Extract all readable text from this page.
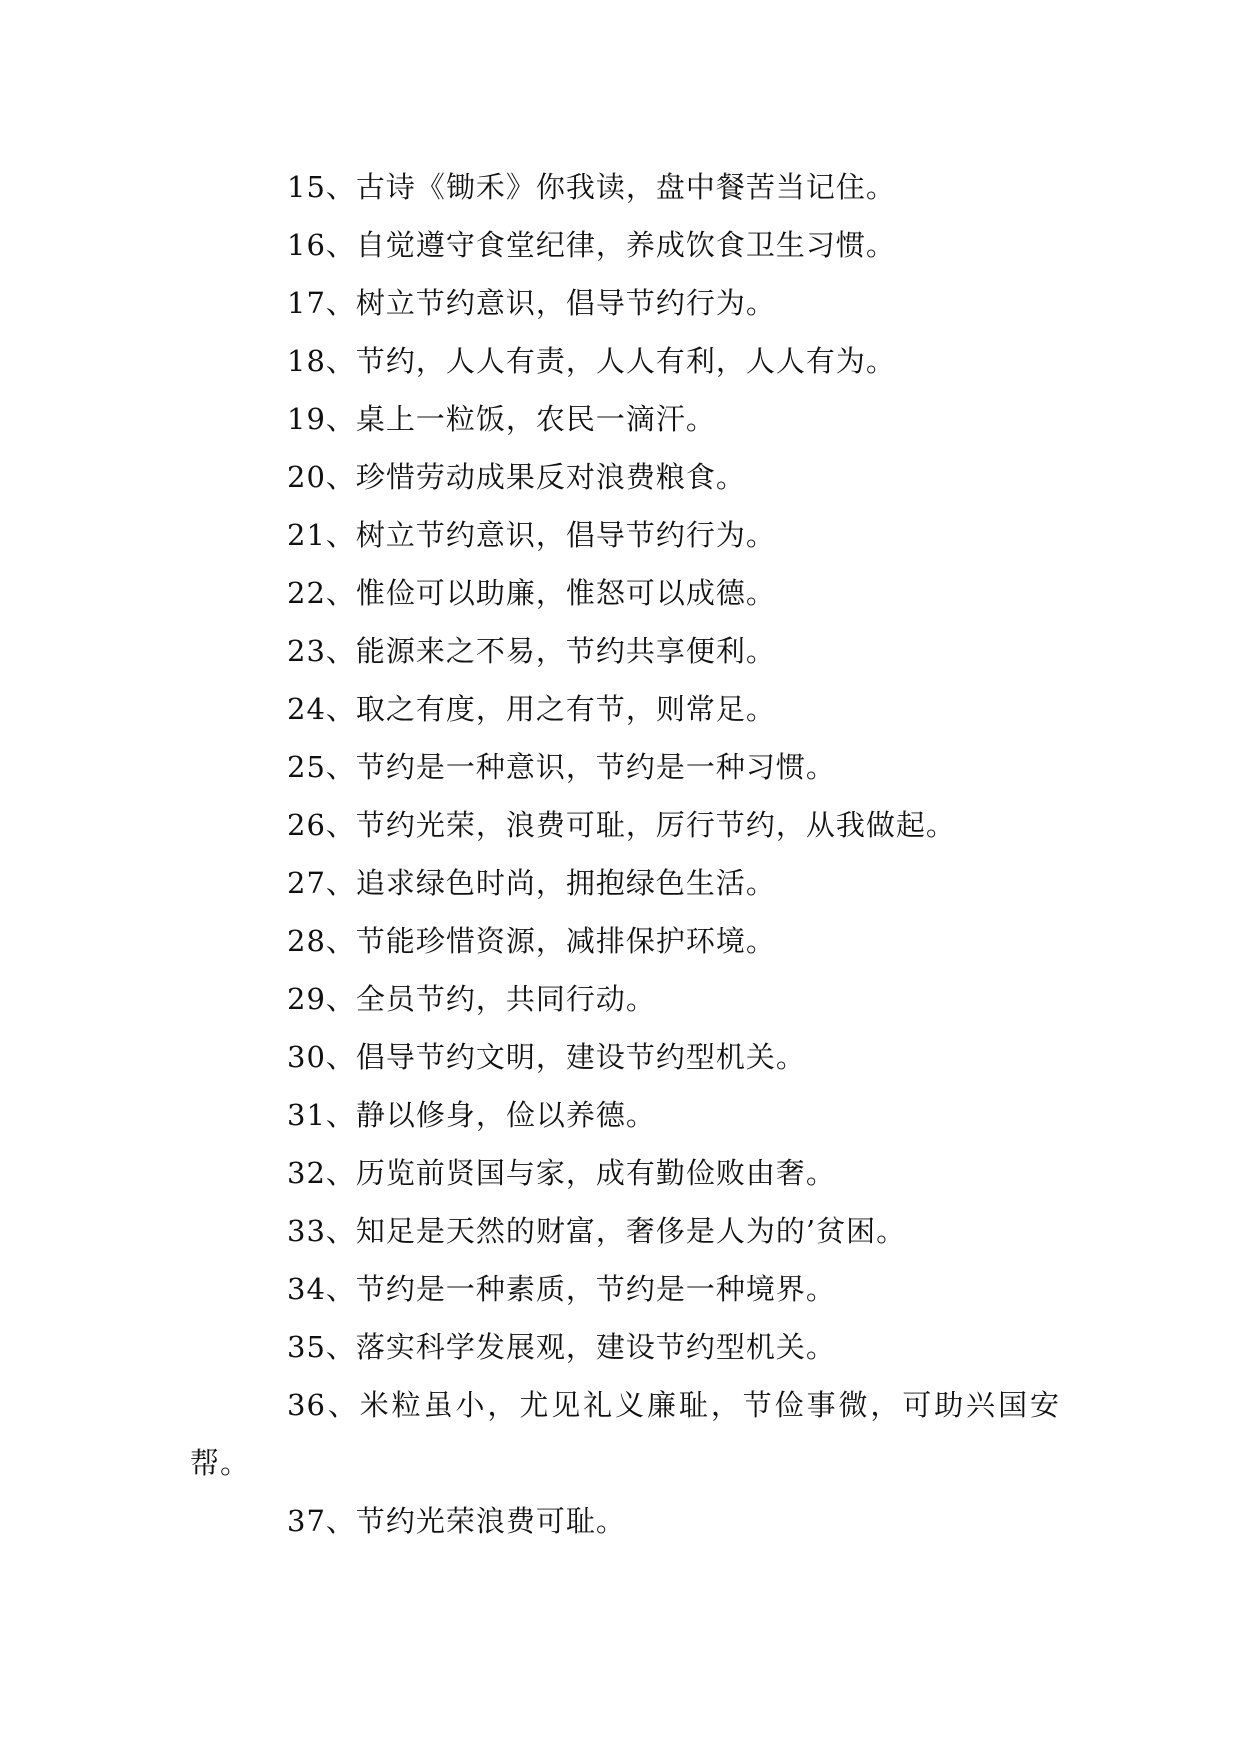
15、古诗《锄禾》你我读，盘中餐苦当记住。
16、自觉遵守食堂纪律，养成饮食卫生习惯。
17、树立节约意识，倡导节约行为。
18、节约，人人有责，人人有利，人人有为。
19、桌上一粒饭，农民一滴汗。
20、珍惜劳动成果反对浪费粮食。
21、树立节约意识，倡导节约行为。
22、惟俭可以助廉，惟怒可以成德。
23、能源来之不易，节约共享便利。
24、取之有度，用之有节，则常足。
25、节约是一种意识，节约是一种习惯。
26、节约光荣，浪费可耻，厉行节约，从我做起。
27、追求绿色时尚，拥抱绿色生活。
28、节能珍惜资源，减排保护环境。
29、全员节约，共同行动。
30、倡导节约文明，建设节约型机关。
31、静以修身，俭以养德。
32、历览前贤国与家，成有勤俭败由奢。
33、知足是天然的财富，奢侈是人为的’贫困。
34、节约是一种素质，节约是一种境界。
35、落实科学发展观，建设节约型机关。
36、米粒虽小，尤见礼义廉耻，节俭事微，可助兴国安帮。
37、节约光荣浪费可耻。
